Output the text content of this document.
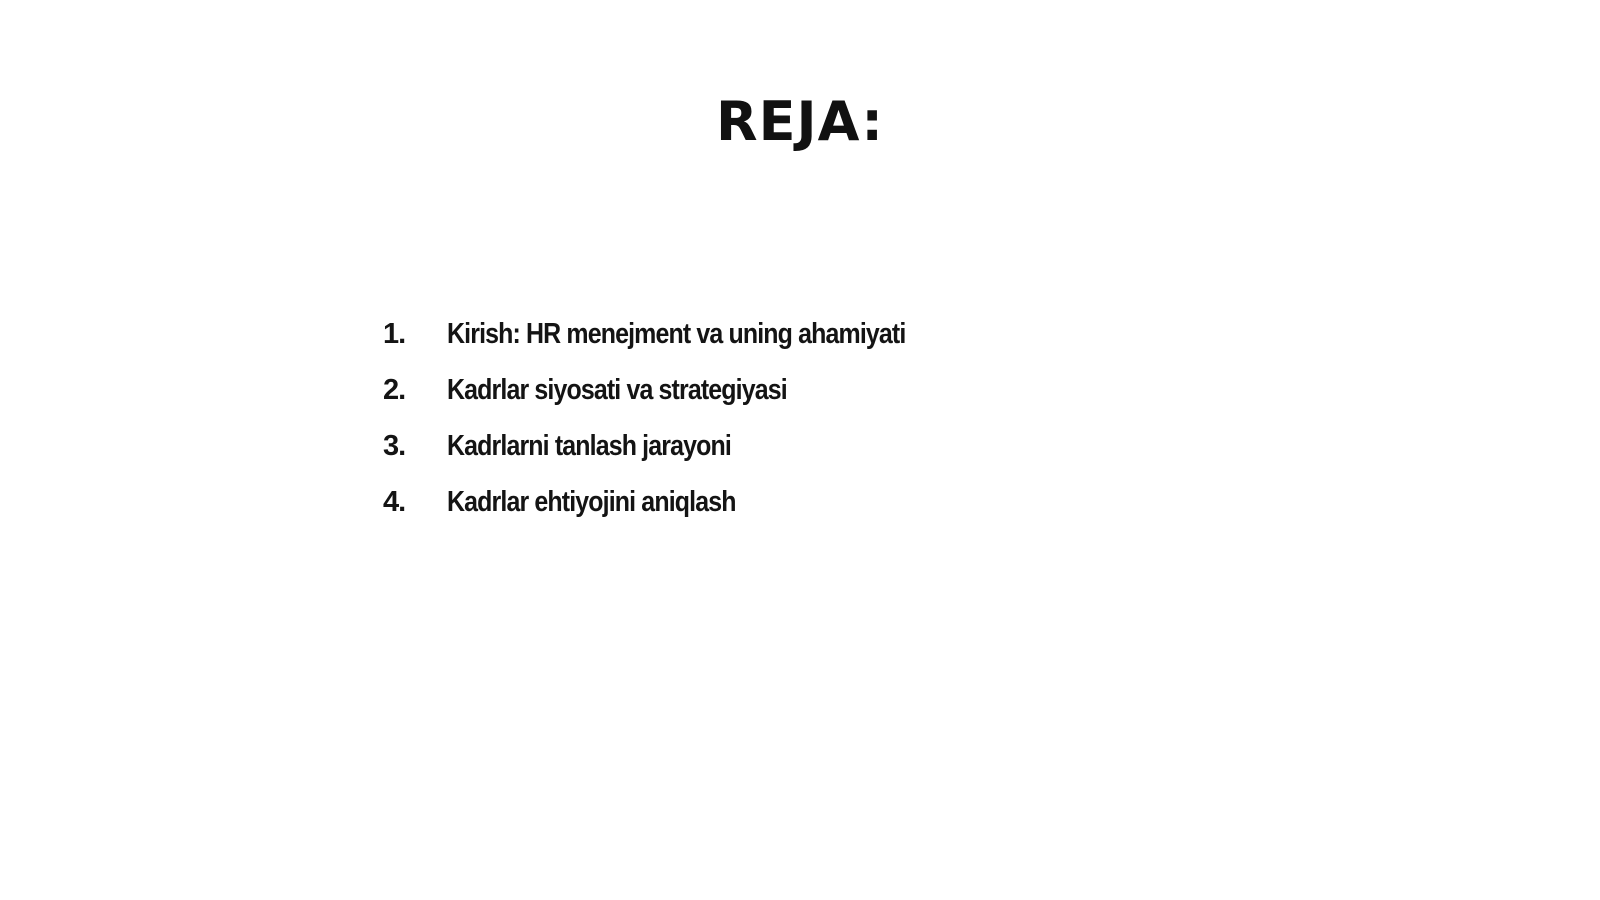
REJA:
1.	Kirish: HR menejment va uning ahamiyati
2.	Kadrlar siyosati va strategiyasi
3.	Kadrlarni tanlash jarayoni
4.	Kadrlar ehtiyojini aniqlash
